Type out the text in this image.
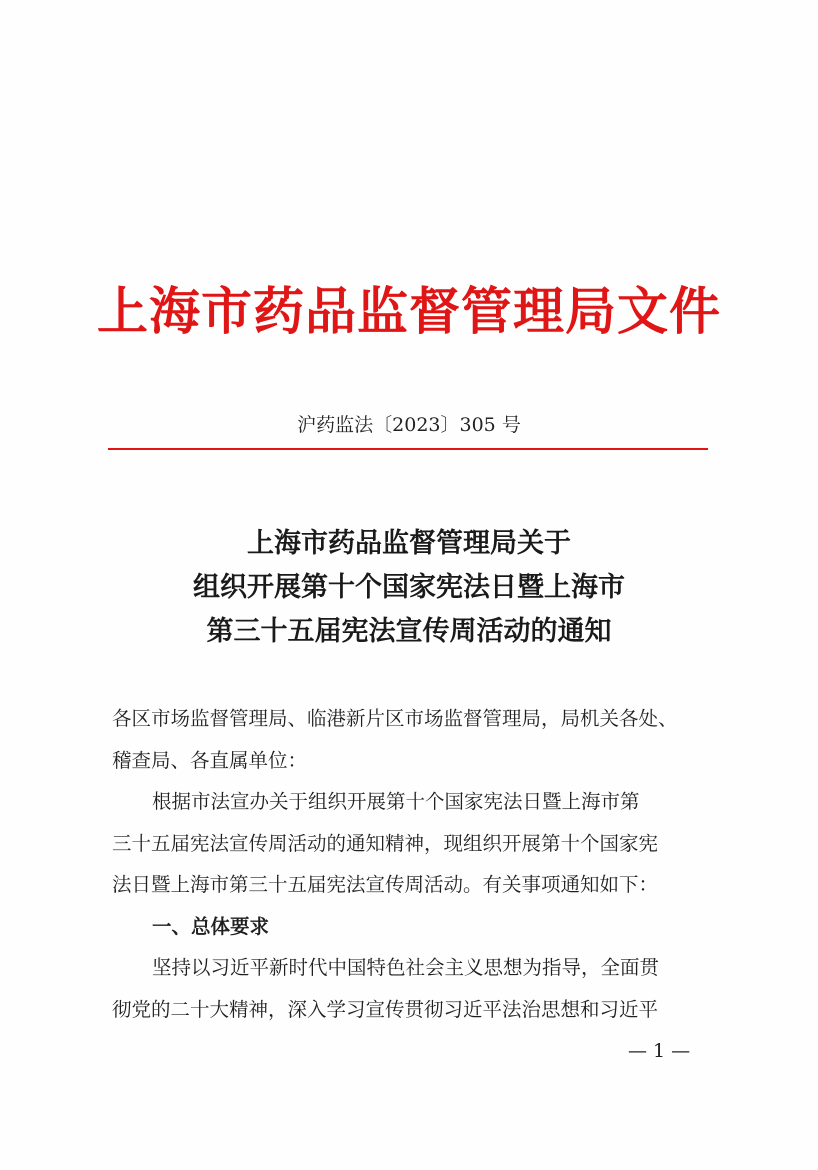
上海市药品监督管理局文件
沪药监法〔2023〕305 号
上海市药品监督管理局关于
组织开展第十个国家宪法日暨上海市
第三十五届宪法宣传周活动的通知
各区市场监督管理局、临港新片区市场监督管理局，局机关各处、
稽查局、各直属单位：
根据市法宣办关于组织开展第十个国家宪法日暨上海市第
三十五届宪法宣传周活动的通知精神，现组织开展第十个国家宪
法日暨上海市第三十五届宪法宣传周活动。有关事项通知如下：
一、总体要求
坚持以习近平新时代中国特色社会主义思想为指导，全面贯
彻党的二十大精神，深入学习宣传贯彻习近平法治思想和习近平
— 1 —
